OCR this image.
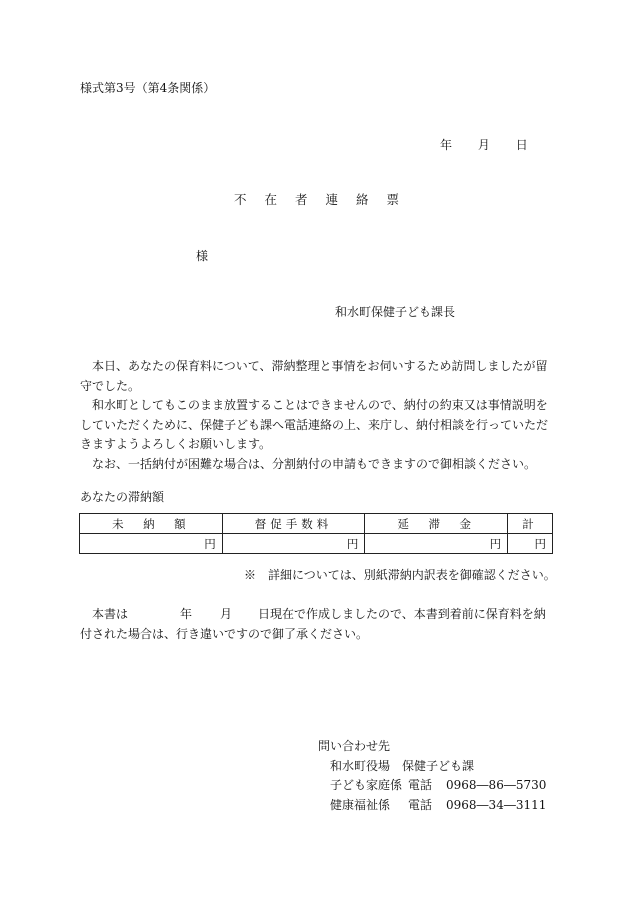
様式第3号（第4条関係）
年 月 日
不 在 者 連 絡 票
様
和水町保健子ども課長

本日、あなたの保育料について、滞納整理と事情をお伺いするため訪問しましたが留守でした。

和水町としてもこのまま放置することはできませんので、納付の約束又は事情説明をしていただくために、保健子ども課へ電話連絡の上、来庁し、納付相談を行っていただきますようよろしくお願いします。

なお、一括納付が困難な場合は、分割納付の申請もできますので御相談ください。

あなたの滞納額
未　納　額	督促手数料	延　滞　金	計
円	円	円	円
※　詳細については、別紙滞納内訳表を御確認ください。

本書は	年 月 日現在で作成しましたので、本書到着前に保育料を納付された場合は、行き違いですので御了承ください。

問い合わせ先
和水町役場　保健子ども課
子ども家庭係 電話 0968―86―5730
健康福祉係 電話 0968―34―3111
